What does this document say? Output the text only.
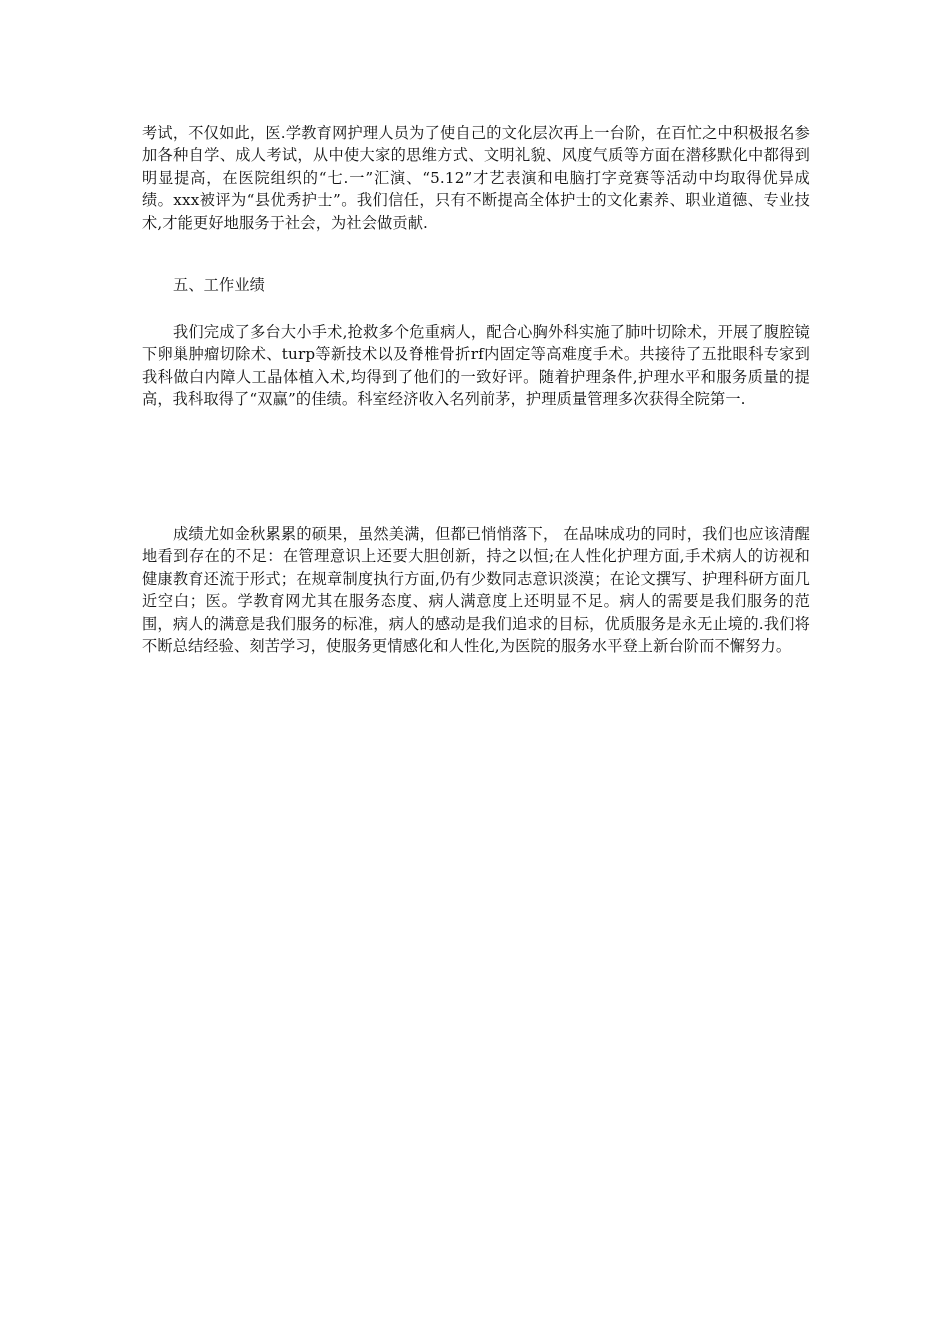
考试，不仅如此，医.学教育网护理人员为了使自己的文化层次再上一台阶，在百忙之中积极报名参加各种自学、成人考试，从中使大家的思维方式、文明礼貌、风度气质等方面在潜移默化中都得到明显提高，在医院组织的“七.一”汇演、“5.12”才艺表演和电脑打字竞赛等活动中均取得优异成绩。xxx被评为“县优秀护士”。我们信任，只有不断提高全体护士的文化素养、职业道德、专业技术,才能更好地服务于社会，为社会做贡献.

五、工作业绩

我们完成了多台大小手术,抢救多个危重病人，配合心胸外科实施了肺叶切除术，开展了腹腔镜下卵巢肿瘤切除术、turp等新技术以及脊椎骨折rf内固定等高难度手术。共接待了五批眼科专家到我科做白内障人工晶体植入术,均得到了他们的一致好评。随着护理条件,护理水平和服务质量的提高，我科取得了“双赢”的佳绩。科室经济收入名列前茅，护理质量管理多次获得全院第一.

成绩尤如金秋累累的硕果，虽然美满，但都已悄悄落下， 在品味成功的同时，我们也应该清醒地看到存在的不足：在管理意识上还要大胆创新，持之以恒;在人性化护理方面,手术病人的访视和健康教育还流于形式；在规章制度执行方面,仍有少数同志意识淡漠；在论文撰写、护理科研方面几近空白；医。学教育网尤其在服务态度、病人满意度上还明显不足。病人的需要是我们服务的范围，病人的满意是我们服务的标准，病人的感动是我们追求的目标，优质服务是永无止境的.我们将不断总结经验、刻苦学习，使服务更情感化和人性化,为医院的服务水平登上新台阶而不懈努力。
